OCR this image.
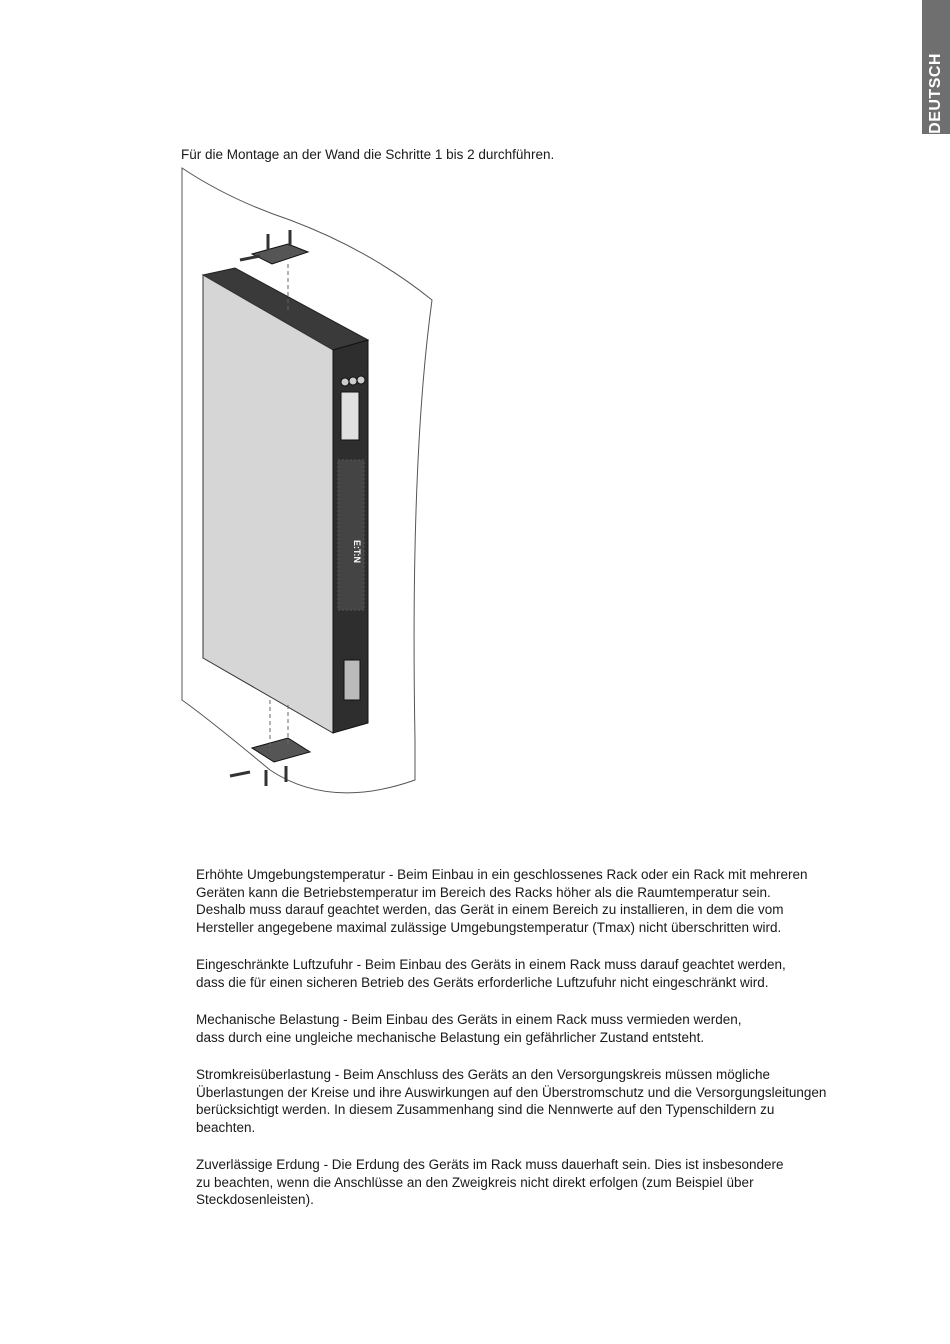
DEUTSCH

Für die Montage an der Wand die Schritte 1 bis 2 durchführen.

E:T:N

Erhöhte Umgebungstemperatur - Beim Einbau in ein geschlossenes Rack oder ein Rack mit mehreren
Geräten kann die Betriebstemperatur im Bereich des Racks höher als die Raumtemperatur sein.
Deshalb muss darauf geachtet werden, das Gerät in einem Bereich zu installieren, in dem die vom
Hersteller angegebene maximal zulässige Umgebungstemperatur (Tmax) nicht überschritten wird.

Eingeschränkte Luftzufuhr - Beim Einbau des Geräts in einem Rack muss darauf geachtet werden,
dass die für einen sicheren Betrieb des Geräts erforderliche Luftzufuhr nicht eingeschränkt wird.

Mechanische Belastung - Beim Einbau des Geräts in einem Rack muss vermieden werden,
dass durch eine ungleiche mechanische Belastung ein gefährlicher Zustand entsteht.

Stromkreisüberlastung - Beim Anschluss des Geräts an den Versorgungskreis müssen mögliche
Überlastungen der Kreise und ihre Auswirkungen auf den Überstromschutz und die Versorgungsleitungen
berücksichtigt werden. In diesem Zusammenhang sind die Nennwerte auf den Typenschildern zu
beachten.

Zuverlässige Erdung - Die Erdung des Geräts im Rack muss dauerhaft sein. Dies ist insbesondere
zu beachten, wenn die Anschlüsse an den Zweigkreis nicht direkt erfolgen (zum Beispiel über
Steckdosenleisten).
